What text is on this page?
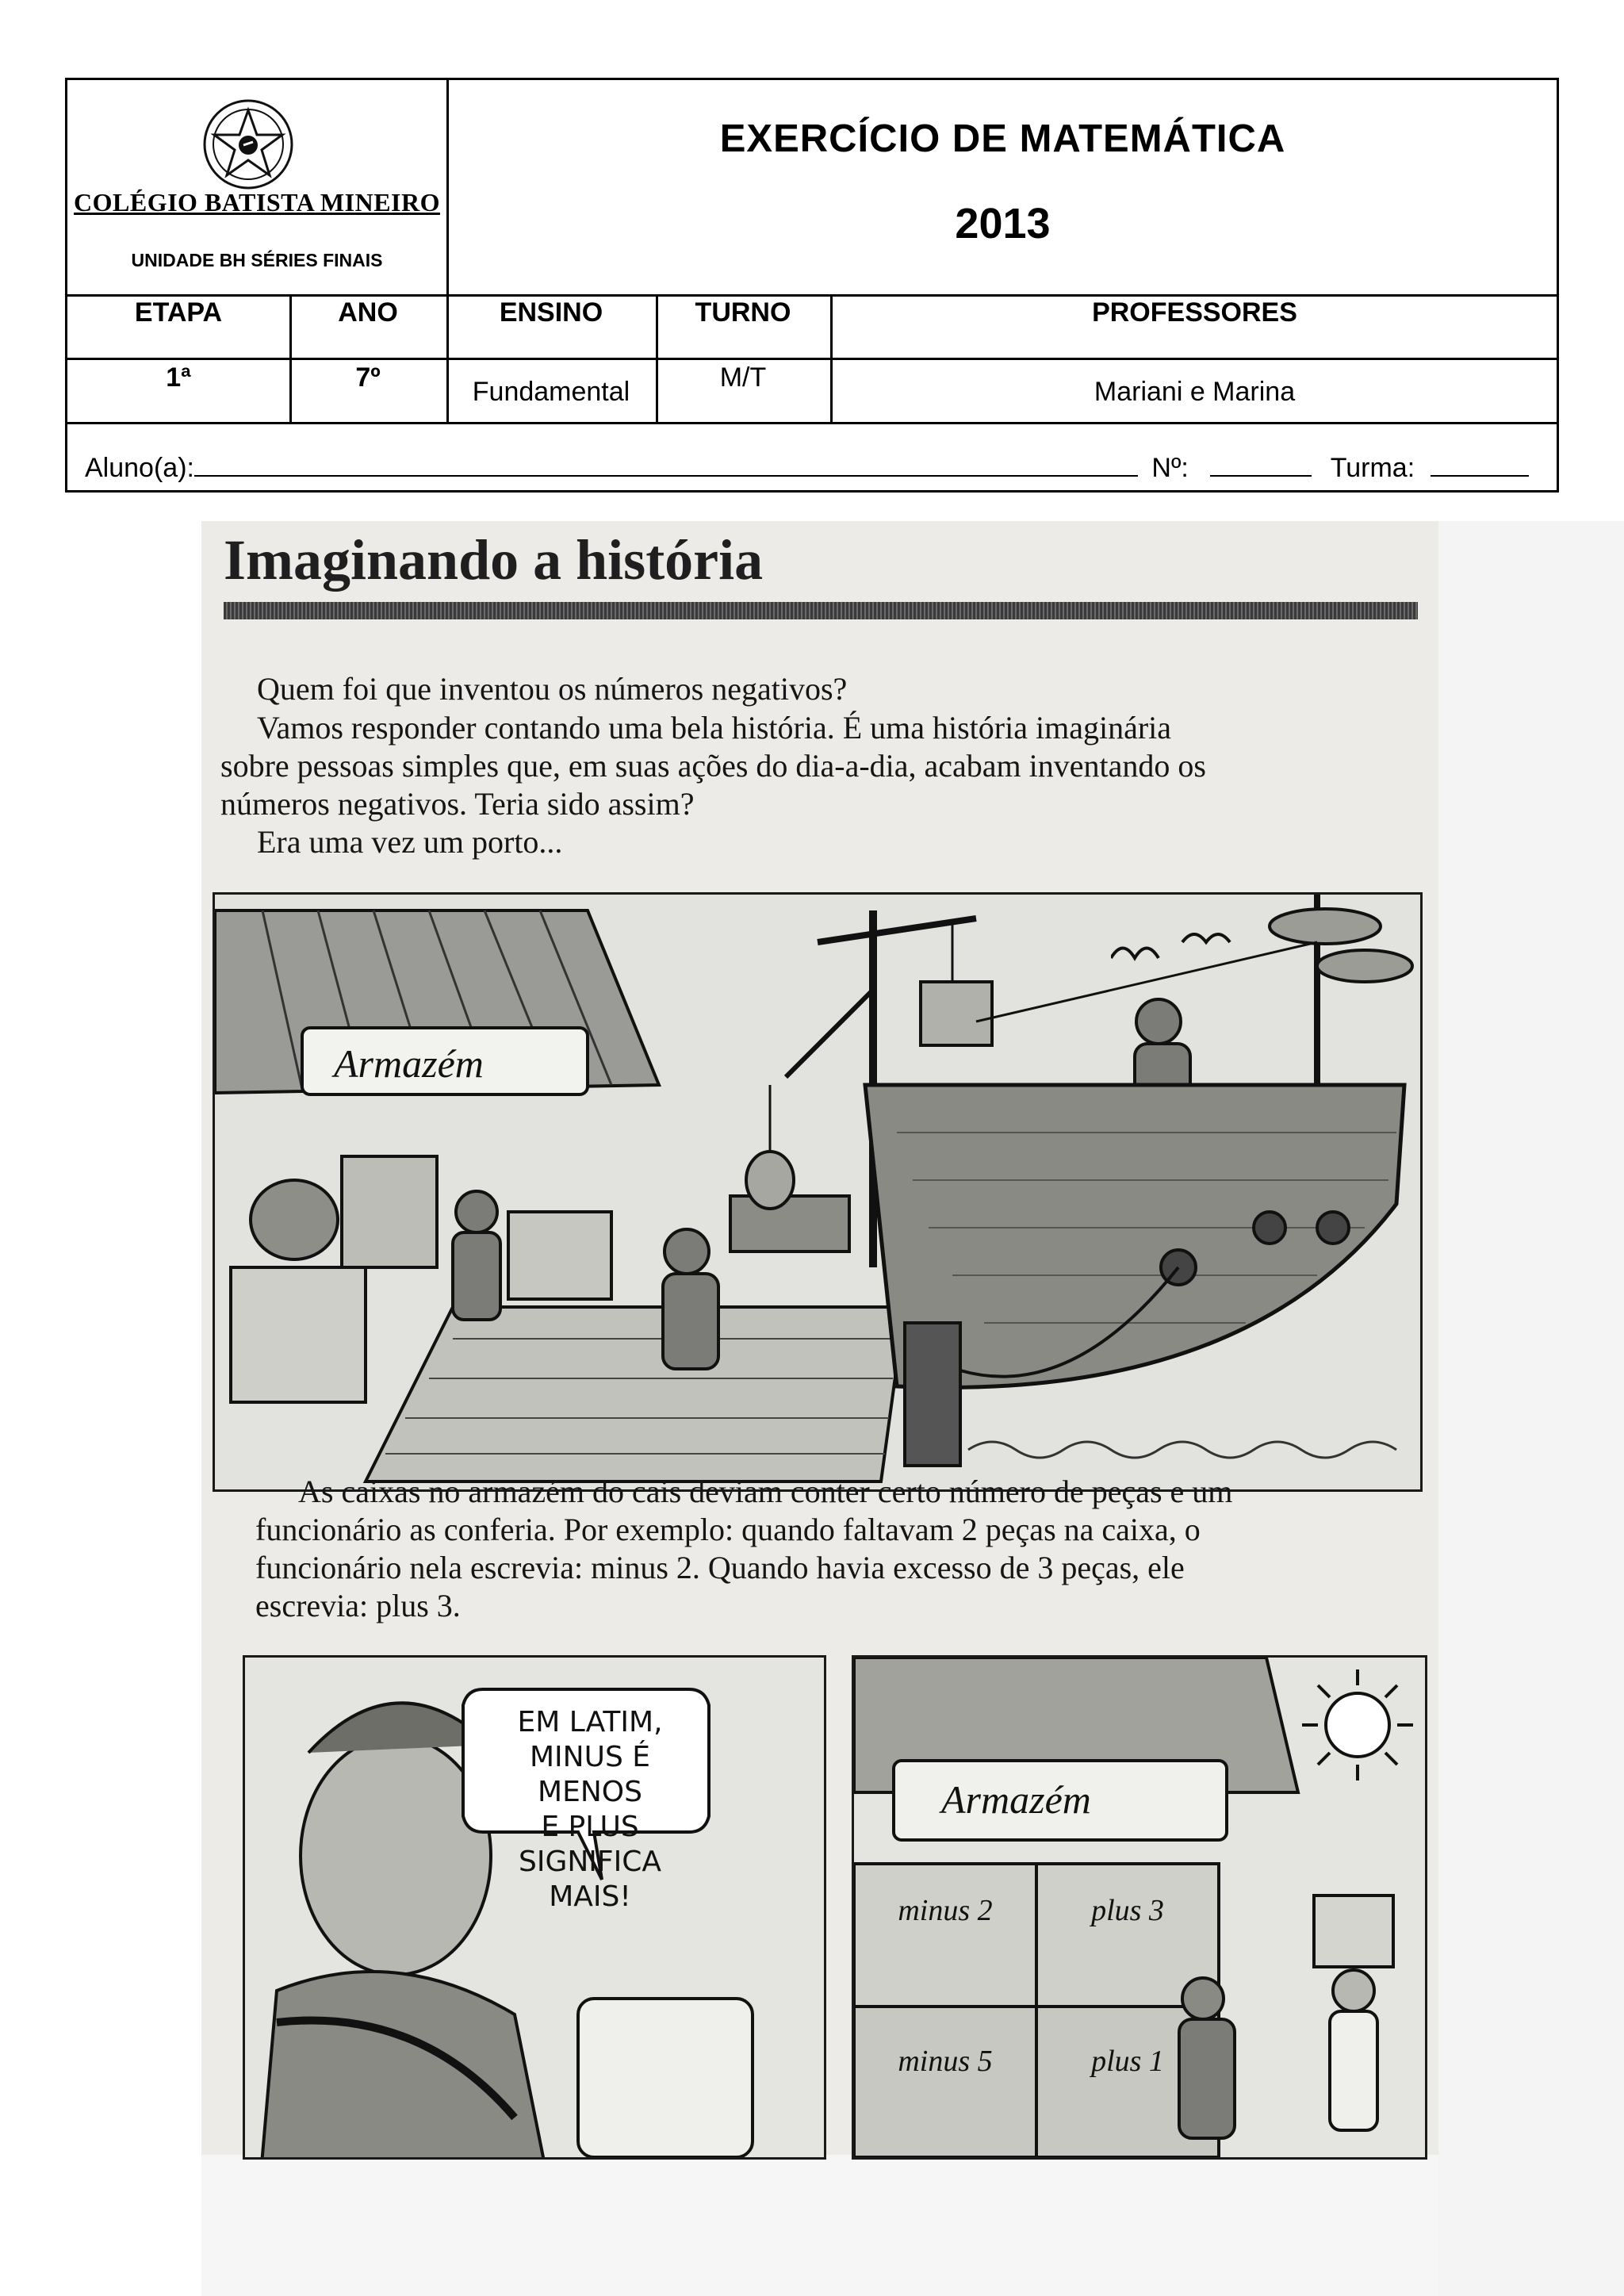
COLÉGIO BATISTA MINEIRO
UNIDADE BH SÉRIES FINAIS
EXERCÍCIO DE MATEMÁTICA
2013
ETAPA	ANO	ENSINO	TURNO	PROFESSORES
1ª	7º	Fundamental	M/T	Mariani e Marina
Aluno(a):	Nº:	Turma:
Imaginando a história
Quem foi que inventou os números negativos?
Vamos responder contando uma bela história. É uma história imaginária
sobre pessoas simples que, em suas ações do dia-a-dia, acabam inventando os
números negativos. Teria sido assim?
Era uma vez um porto...
Armazém
As caixas no armazém do cais deviam conter certo número de peças e um
funcionário as conferia. Por exemplo: quando faltavam 2 peças na caixa, o
funcionário nela escrevia: minus 2. Quando havia excesso de 3 peças, ele
escrevia: plus 3.
EM LATIM,
MINUS É MENOS
E PLUS SIGNIFICA
MAIS!
Armazém
minus 2	plus 3
minus 5	plus 1
